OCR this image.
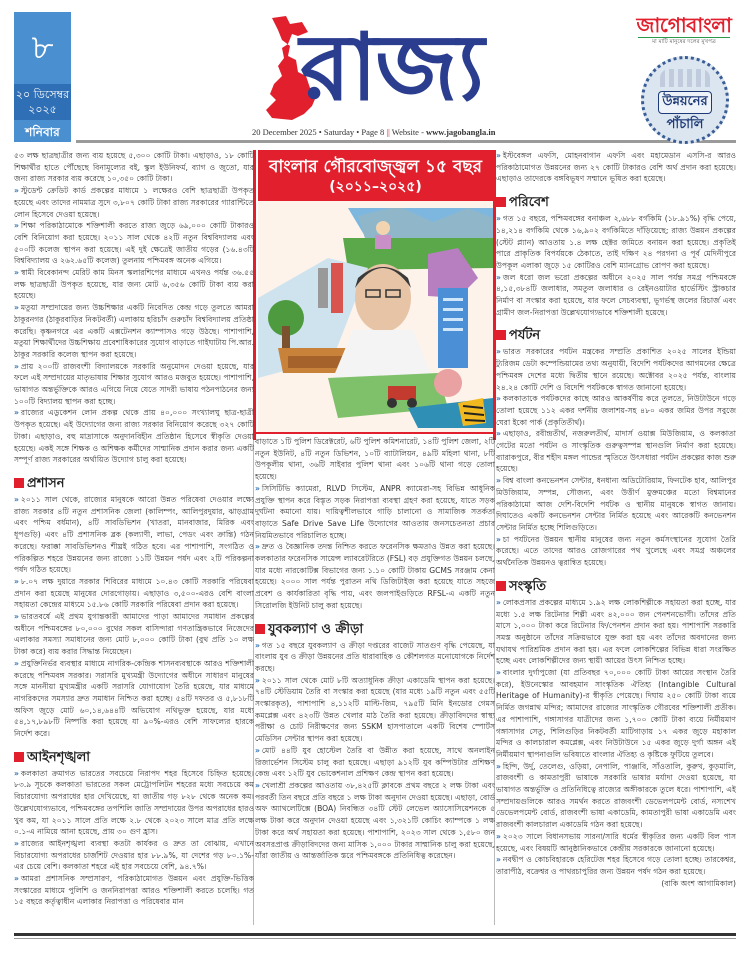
৮
২০ ডিসেম্বর ২০২৫
শনিবার
রাজ্য
20 December 2025 • Saturday • Page 8 || Website - www.jagobangla.in
জাগোবাংলা
মা মাটি মানুষের দলের মুখপত্র
উন্নয়নের
পাঁচালি
বাংলার গৌরবোজ্জ্বল ১৫ বছর
(২০১১–২০২৫)

৫৩ লক্ষ ছাত্রছাত্রীর জন্য ব্যয় হয়েছে ৫,৩০০ কোটি টাকা। এছাড়াও, ১৮ কোটি শিক্ষার্থীর হাতে পৌঁছেছে বিনামূল্যের বই, স্কুল ইউনিফর্ম, ব্যাগ ও জুতো, যার জন্য রাজ্য সরকার ব্যয় করেছে ১০,৩৫০ কোটি টাকা।

» স্টুডেন্ট ক্রেডিট কার্ড প্রকল্পের মাধ্যমে ১ লক্ষেরও বেশি ছাত্রছাত্রী উপকৃত হয়েছে এবং তাদের নামমাত্র সুদে ৩,৮০৭ কোটি টাকা রাজ্য সরকারের গ্যারান্টিতে লোন হিসেবে দেওয়া হয়েছে।

» শিক্ষা পরিকাঠামোকে শক্তিশালী করতে রাজ্য জুড়ে ৬৯,০০০ কোটি টাকারও বেশি বিনিয়োগ করা হয়েছে। ২০১১ সাল থেকে ৪২টি নতুন বিশ্ববিদ্যালয় এবং ৫০০টি কলেজ স্থাপন করা হয়েছে। এই দুই ক্ষেত্রেই জাতীয় গড়ের (১৬.৪৩টি বিশ্ববিদ্যালয় ও ২৬২.৬৫টি কলেজ) তুলনায় পশ্চিমবঙ্গ অনেক এগিয়ে।

» স্বামী বিবেকানন্দ মেরিট কাম মিনস স্কলারশিপের মাধ্যমে এখনও পর্যন্ত ৩৬.৫৫ লক্ষ ছাত্রছাত্রী উপকৃত হয়েছে, যার জন্য মোট ৬,৩৫৬ কোটি টাকা ব্যয় করা হয়েছে।

» মতুয়া সম্প্রদায়ের জন্য উচ্চশিক্ষার একটি নিবেদিত কেন্দ্র গড়ে তুলতে আমরা ঠাকুরনগর (ঠাকুরবাড়ির নিকটবর্তী) এলাকায় হরিচাঁদ গুরুচাঁদ বিশ্ববিদ্যালয় প্রতিষ্ঠা করেছি। কৃষ্ণনগরে এর একটি এক্সটেনশন ক্যাম্পাসও গড়ে উঠছে। পাশাপাশি, মতুয়া শিক্ষার্থীদের উচ্চশিক্ষায় প্রবেশাধিকারের সুযোগ বাড়াতে গাইঘাটায় পি.আর. ঠাকুর সরকারি কলেজ স্থাপন করা হয়েছে।

» প্রায় ২০০টি রাজবংশী বিদ্যালয়কে সরকারি অনুমোদন দেওয়া হয়েছে, যার ফলে এই সম্প্রদায়ের মাতৃভাষায় শিক্ষার সুযোগ আরও মজবুত হয়েছে। পাশাপাশি, ভাষাগত অন্তর্ভুক্তিকে আরও এগিয়ে নিয়ে যেতে সাদরী ভাষায় পঠনপাঠনের জন্য ১০০টি বিদ্যালয় স্থাপন করা হচ্ছে।

» রাজ্যের এডুকেশন লোন প্রকল্প থেকে প্রায় ৪০,০০০ সংখ্যালঘু ছাত্র-ছাত্রী উপকৃত হয়েছে। এই উদ্যোগের জন্য রাজ্য সরকার বিনিয়োগ করেছে ৩২৭ কোটি টাকা। এছাড়াও, বহু মাদ্রাসাকে অনুদানবিহীন প্রতিষ্ঠান হিসেবে স্বীকৃতি দেওয়া হয়েছে। একই সঙ্গে শিক্ষক ও অশিক্ষক কর্মীদের সাম্মানিক প্রদান করার জন্য একটি সম্পূর্ণ রাজ্য সরকারের অর্থায়িত উদ্যোগ চালু করা হয়েছে।

প্রশাসন

» ২০১১ সাল থেকে, রাজ্যের মানুষকে আরো উন্নত পরিষেবা দেওয়ার লক্ষ্যে রাজ্য সরকার ৪টি নতুন প্রশাসনিক জেলা (কালিম্পং, আলিপুরদুয়ার, ঝাড়গ্রাম এবং পশ্চিম বর্ধমান), ৪টি সাবডিভিশন (খাতরা, মানবাজার, মিরিক এবং ধূপগুড়ি) এবং ৪টি প্রশাসনিক ব্লক (কল্যাণী, লাভা, পেডং এবং ক্রান্তি) গঠন করেছে। ফরাক্কা সাবডিভিশনও শীঘ্রই গঠিত হবে। এর পাশাপাশি, সংগঠিত ও পরিকল্পিত শহরে উন্নয়নের জন্য রাজ্যে ১১টি উন্নয়ন পর্ষদ এবং ২টি পরিকল্পনা পর্ষদ গঠিত হয়েছে।

» ৮.০৭ লক্ষ দুয়ারে সরকার শিবিরের মাধ্যমে ১০.৪৩ কোটি সরকারি পরিষেবা প্রদান করা হয়েছে মানুষের দোরগোড়ায়। এছাড়াও ৩,৫০০-এরও বেশি বাংলা সহায়তা কেন্দ্রের মাধ্যমে ১৫.৮৬ কোটি সরকারি পরিষেবা প্রদান করা হয়েছে।

» ভারতবর্ষে এই প্রথম যুগান্তকারী আমাদের পাড়া আমাদের সমাধান প্রকল্পের অধীনে পশ্চিমবঙ্গের ৮০,০০০ বুথের সকল বাসিন্দারা গণতান্ত্রিকভাবে নিজেদের এলাকার সমস্যা সমাধানের জন্য মোট ৮,০০০ কোটি টাকা (বুথ প্রতি ১০ লক্ষ টাকা করে) ব্যয় করার সিদ্ধান্ত নিয়েছেন।

» প্রযুক্তিনির্ভর ব্যবস্থার মাধ্যমে নাগরিক-কেন্দ্রিক শাসনব্যবস্থাকে আরও শক্তিশালী করেছে পশ্চিমবঙ্গ সরকার। সরাসরি মুখ্যমন্ত্রী উদ্যোগের অধীনে সাধারণ মানুষের সঙ্গে মাননীয়া মুখ্যমন্ত্রীর একটি সরাসরি যোগাযোগ তৈরি হয়েছে, যার মাধ্যমে নাগরিকদের সমস্যার দ্রুত সমাধান নিশ্চিত করা হচ্ছে। ৫৪টি দফতর ও ৫,৮১৮টি অফিস জুড়ে মোট ৬০,১৪,৬৪৪টি অভিযোগ নথিভুক্ত হয়েছে, যার মধ্যে ৫৪,১৭,৮৯৮টি নিষ্পত্তি করা হয়েছে যা ৯০%-এরও বেশি সাফল্যের হারকে নির্দেশ করে।

আইনশৃঙ্খলা

» কলকাতা ক্রমাগত ভারতের সবচেয়ে নিরাপদ শহর হিসেবে চিহ্নিত হয়েছে। ৮৩.৯ সূচকে কলকাতা ভারতের সকল মেট্রোপলিটন শহরের মধ্যে সবচেয়ে কম বিচারযোগ্য অপরাধের হার দেখিয়েছে, যা জাতীয় গড় ৮২৮ থেকে অনেক কম। উল্লেখযোগ্যভাবে, পশ্চিমবঙ্গের তপশিলি জাতি সম্প্রদায়ের উপর অপরাধের হারও খুব কম, যা ২০১১ সালে প্রতি লক্ষে ২.৮ থেকে ২০২৩ সালে মাত্র প্রতি লক্ষে ০.১-এ নামিয়ে আনা হয়েছে, প্রায় ৩০ গুণ হ্রাস।

» রাজ্যের আইনশৃঙ্খলা ব্যবস্থা কতটা কার্যকর ও দ্রুত তা বোঝায়, এখানে বিচারযোগ্য অপরাধের চার্জশিট দেওয়ার হার ৮৮.৯%, যা দেশের গড় ৮০.১%-এর চেয়ে বেশি। কলকাতা শহরে এই হার সবচেয়ে বেশি, ৯৪.৭%।

» আমরা প্রশাসনিক সম্প্রসারণ, পরিকাঠামোগত উন্নয়ন এবং প্রযুক্তি-ভিত্তিক সংস্কারের মাধ্যমে পুলিশি ও জননিরাপত্তা আরও শক্তিশালী করতে চলেছি। গত ১৫ বছরে কর্তৃত্বাধীন এলাকার নিরাপত্তা ও পরিষেবার মান

বাড়াতে ১টি পুলিশ ডিরেক্টরেট, ৬টি পুলিশ কমিশনারেট, ১৪টি পুলিশ জেলা, ২টি নতুন ইউনিট, ৪টি নতুন ডিভিশন, ১০টি ব্যাটালিয়ন, ৪৯টি মহিলা থানা, ৮টি উপকূলীয় থানা, ৩৬টি সাইবার পুলিশ থানা এবং ১০৬টি থানা গড়ে তোলা হয়েছে।

» সিসিটিভি ক্যামেরা, RLVD সিস্টেম, ANPR ক্যামেরা-সহ বিভিন্ন আধুনিক প্রযুক্তি স্থাপন করে বিস্তৃত সড়ক নিরাপত্তা ব্যবস্থা গ্রহণ করা হয়েছে, যাতে সড়ক দুর্ঘটনা কমানো যায়। দায়িত্বশীলভাবে গাড়ি চালানো ও সামাজিক সতর্কতা বাড়াতে Safe Drive Save Life উদ্যোগের আওতায় জনসচেতনতা প্রচার নিয়মিতভাবে পরিচালিত হচ্ছে।

» দ্রুত ও বৈজ্ঞানিক তদন্ত নিশ্চিত করতে ফরেনসিক ক্ষমতাও উন্নত করা হয়েছে। কলকাতার ফরেনসিক সায়েন্স ল্যাবরেটরিতে (FSL) বড় প্রযুক্তিগত উন্নয়ন চলছে, যার মধ্যে নারকোটিক্স বিভাগের জন্য ১.১০ কোটি টাকায় GCMS সরঞ্জাম কেনা হয়েছে। ২০০০ সাল পর্যন্ত পুরাতন নথি ডিজিটাইজ করা হয়েছে যাতে সহজে প্রবেশ ও কার্যকারিতা বৃদ্ধি পায়, এবং জলপাইগুড়িতে RFSL-এ একটি নতুন সিরোলজি ইউনিট চালু করা হয়েছে।

যুবকল্যাণ ও ক্রীড়া

» গত ১৫ বছরে যুবকল্যাণ ও ক্রীড়া দপ্তরের বাজেট সাতগুণ বৃদ্ধি পেয়েছে, যা বাংলায় যুব ও ক্রীড়া উন্নয়নের প্রতি ধারাবাহিক ও কৌশলগত মনোযোগকে নির্দেশ করছে।

» ২০১১ সাল থেকে মোট ৮টি অত্যাধুনিক ক্রীড়া একাডেমি স্থাপন করা হয়েছে। ৭৪টি স্টেডিয়াম তৈরি বা সংস্কার করা হয়েছে (যার মধ্যে ১৯টি নতুন এবং ৫৫টি সংস্কারকৃত), পাশাপাশি ৪,১১২টি মাল্টি-জিম, ৭৯৫টি মিনি ইনডোর গেমস কমপ্লেক্স এবং ৪২৩টি উন্নত খেলার মাঠ তৈরি করা হয়েছে। ক্রীড়াবিদদের স্বাস্থ্য পরীক্ষা ও চোট নিরীক্ষণের জন্য SSKM হাসপাতালে একটি বিশেষ স্পোর্টস মেডিসিন সেন্টার স্থাপন করা হয়েছে।

» মোট ৪৪টি যুব হোস্টেল তৈরি বা উন্নীত করা হয়েছে, সাথে অনলাইন রিজার্ভেশন সিস্টেম চালু করা হয়েছে। এছাড়া ৯১২টি যুব কম্পিউটার প্রশিক্ষণ কেন্দ্র এবং ১২টি যুব ভোকেশনাল প্রশিক্ষণ কেন্দ্র স্থাপন করা হয়েছে।

» খেলাশ্রী প্রকল্পের আওতায় ৩৮,৪২৫টি ক্লাবকে প্রথম বছরে ২ লক্ষ টাকা এবং পরবর্তী তিন বছরে প্রতি বছরে ১ লক্ষ টাকা অনুদান দেওয়া হয়েছে। এছাড়া, বোর্ড অফ অ্যাথলেটিক্সে (BOA) নিবন্ধিত ৩৪টি স্টেট লেভেল অ্যাসোসিয়েশনকে ৫ লক্ষ টাকা করে অনুদান দেওয়া হয়েছে এবং ১,৩২১টি কোচিং ক্যাম্পকে ১ লক্ষ টাকা করে অর্থ সহায়তা করা হয়েছে। পাশাপাশি, ২০২৩ সাল থেকে ১,৫৮০ জন অবসরপ্রাপ্ত ক্রীড়াবিদদের জন্য মাসিক ১,০০০ টাকার সাম্মানিক চালু করা হয়েছে, যাঁরা জাতীয় ও আন্তর্জাতিক স্তরে পশ্চিমবঙ্গকে প্রতিনিধিত্ব করেছেন।

» ইস্টবেঙ্গল এফসি, মোহনবাগান এফসি এবং মহামেডান এসসি-র আরও পরিকাঠামোগত উন্নয়নের জন্য ২৭ কোটি টাকারও বেশি অর্থ প্রদান করা হয়েছে। এছাড়াও তাদেরকে বঙ্গবিভূষণ সম্মানে ভূষিত করা হয়েছে।

পরিবেশ

» গত ১৫ বছরে, পশ্চিমবঙ্গের বনাঞ্চল ২,৬৮৮ বর্গকিমি (১৮.৯১%) বৃদ্ধি পেয়ে, ১৪,২১৪ বর্গকিমি থেকে ১৬,৯০২ বর্গকিমিতে দাঁড়িয়েছে; রাজ্য উন্নয়ন প্রকল্পের (স্টেট প্ল্যান) আওতায় ১.৪ লক্ষ হেক্টর জমিতে বনায়ন করা হয়েছে। প্রকৃতিই পারে প্রাকৃতিক বিপর্যয়কে ঠেকাতে, তাই দক্ষিণ ২৪ পরগনা ও পূর্ব মেদিনীপুরে উপকূল এলাকা জুড়ে ১৫ কোটিরও বেশি ম্যানগ্রোভ রোপণ করা হয়েছে।

» জল ধরো জল ভরো প্রকল্পের অধীনে ২০২৫ সাল পর্যন্ত সমগ্র পশ্চিমবঙ্গে ৪,১৫,৩৮৪টি জলাধার, সমতুল জলাধার ও রেইনওয়াটার হার্ভেস্টিং স্ট্রাকচার নির্মাণ বা সংস্কার করা হয়েছে, যার ফলে সেচব্যবস্থা, ভূগর্ভস্থ জলের রিচার্জ এবং গ্রামীণ জল-নিরাপত্তা উল্লেখযোগ্যভাবে শক্তিশালী হয়েছে।

পর্যটন

» ভারত সরকারের পর্যটন মন্ত্রকের সম্প্রতি প্রকাশিত ২০২৫ সালের ইন্ডিয়া ট্যুরিজম ডেটা কম্পেন্ডিয়ামের তথ্য অনুযায়ী, বিদেশি পর্যটকদের আগমনের ক্ষেত্রে পশ্চিমবঙ্গ দেশের মধ্যে দ্বিতীয় স্থানে রয়েছে। অক্টোবর ২০২৫ পর্যন্ত, বাংলায় ২৪.২৪ কোটি দেশি ও বিদেশি পর্যটককে স্বাগত জানানো হয়েছে।

» কলকাতাকে পর্যটকদের কাছে আরও আকর্ষণীয় করে তুলতে, নিউটাউনে গড়ে তোলা হয়েছে ১১২ একর দর্শনীয় জলাশয়-সহ ৪৮০ একর জমির উপর সবুজে ঘেরা ইকো পার্ক (প্রকৃতিতীর্থ)।

» এছাড়াও, রবীন্দ্রতীর্থ, নজরুলতীর্থ, মাদার্স ওয়াক্স মিউজিয়াম, ও কলকাতা গেটের মতো পর্যটন ও সাংস্কৃতিক গুরুত্বসম্পন্ন স্থানগুলি নির্মাণ করা হয়েছে। ব্যারাকপুরে, বীর শহীদ মঙ্গল পান্ডের স্মৃতিতে উৎসধারা পর্যটন প্রকল্পের কাজ শুরু হয়েছে।

» বিশ্ব বাংলা কনভেনশন সেন্টার, ধনধান্য অডিটোরিয়াম, ফিনটেক হাব, আলিপুর মিউজিয়াম, সম্পন্ন, সৌজন্য, এবং উত্তীর্ণ মুক্তমঞ্চের মতো বিশ্বমানের পরিকাঠামো আজ দেশি-বিদেশি পর্যটক ও স্থানীয় মানুষকে স্বাগত জানায়। দিঘাতেও একটি কনভেনশন সেন্টার নির্মিত হয়েছে এবং আরেকটি কনভেনশন সেন্টার নির্মিত হচ্ছে শিলিগুড়িতে।

» চা পর্যটনের উন্নয়ন স্থানীয় মানুষের জন্য নতুন কর্মসংস্থানের সুযোগ তৈরি করেছে। এতে তাদের আরও রোজগারের পথ খুলেছে এবং সমগ্র অঞ্চলের অর্থনৈতিক উন্নয়নও ত্বরান্বিত হয়েছে।

সংস্কৃতি

» লোকপ্রসার প্রকল্পের মাধ্যমে ১.৯২ লক্ষ লোকশিল্পীকে সহায়তা করা হচ্ছে, যার মধ্যে ১.৫ লক্ষ রিটেনার শিল্পী এবং ৪২,০০০ জন পেনশনভোগী। তাঁদের প্রতি মাসে ১,০০০ টাকা করে রিটেনার ফি/পেনশন প্রদান করা হয়। পাশাপাশি সরকারি সমস্ত অনুষ্ঠানে তাঁদের সক্রিয়ভাবে যুক্ত করা হয় এবং তাঁদের অবদানের জন্য যথাযথ পারিশ্রমিক প্রদান করা হয়। এর ফলে লোকশিল্পের বিভিন্ন ধারা সংরক্ষিত হচ্ছে এবং লোকশিল্পীদের জন্য স্থায়ী আয়ের উৎস নিশ্চিত হচ্ছে।

» বাংলার দুর্গাপুজো (যা প্রতিবছর ৭০,০০০ কোটি টাকা আয়ের সংস্থান তৈরি করে), ইউনেস্কোর আবহমান সাংস্কৃতিক ঐতিহ্য (Intangible Cultural Heritage of Humanity)-র স্বীকৃতি পেয়েছে। দিঘায় ২৫০ কোটি টাকা ব্যয়ে নির্মিত জগন্নাথ মন্দির; আমাদের রাজ্যের সাংস্কৃতিক গৌরবের শক্তিশালী প্রতীক। এর পাশাপাশি, গঙ্গাসাগর যাত্রীদের জন্য ১,৭০০ কোটি টাকা ব্যয়ে নির্মীয়মাণ গঙ্গাসাগর সেতু, শিলিগুড়ির নিকটবর্তী মাটিগাড়ায় ১৭ একর জুড়ে মহাকাল মন্দির ও কালচারাল কমপ্লেক্স, এবং নিউটাউনে ১৫ একর জুড়ে দুর্গা অঙ্গন এই নির্মীয়মাণ স্থাপনাগুলি ভবিষ্যতে বাংলার ঐতিহ্য ও কৃষ্টিকে ফুটিয়ে তুলবে।

» হিন্দি, উর্দু, তেলেগু, ওড়িয়া, নেপালি, পাঞ্জাবি, সাঁওতালি, কুরুখ, কুড়মালি, রাজবংশী ও কামতাপুরী ভাষাকে সরকারি ভাষার মর্যাদা দেওয়া হয়েছে, যা ভাষাগত অন্তর্ভুক্তি ও প্রতিনিধিত্বে রাজ্যের অঙ্গীকারকে তুলে ধরে। পাশাপাশি, এই সম্প্রদায়গুলিকে আরও সমর্থন করতে রাজবংশী ডেভেলপমেন্ট বোর্ড, নস্যশেখ ডেভেলপমেন্ট বোর্ড, রাজবংশী ভাষা একাডেমি, কামতাপুরী ভাষা একাডেমি এবং রাজবংশী কালচারাল একাডেমি গঠন করা হয়েছে।

» ২০২৩ সালে বিধানসভায় সারনা/সারি ধর্মের স্বীকৃতির জন্য একটি বিল পাস হয়েছে, এবং বিষয়টি আনুষ্ঠানিকভাবে কেন্দ্রীয় সরকারকে জানানো হয়েছে।

» নবদ্বীপ ও কোচবিহারকে হেরিটেজ শহর হিসেবে গড়ে তোলা হচ্ছে। তারকেশ্বর, তারাপীঠ, বক্রেশ্বর ও পাথরচাপুরির জন্য উন্নয়ন পর্ষদ গঠন করা হয়েছে।

(বাকি অংশ আগামিকাল)
